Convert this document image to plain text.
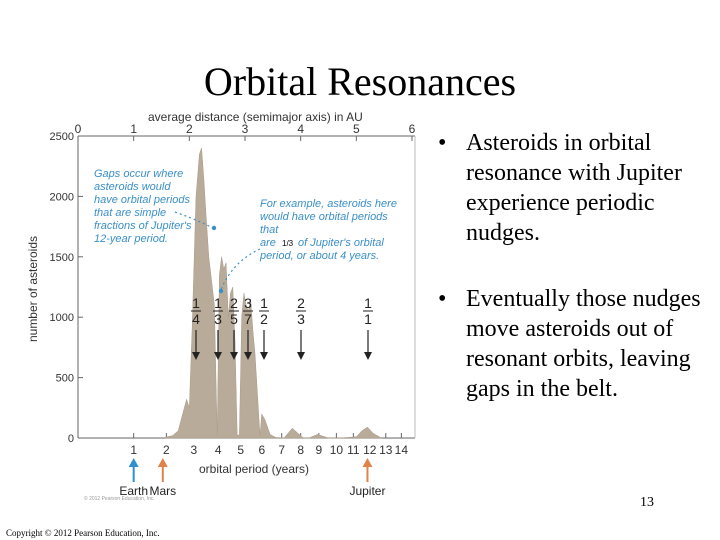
Orbital Resonances
average distance (semimajor axis) in AU
number of asteroids
orbital period (years)
© 2012 Pearson Education, Inc.
0	1	2	3	4	5	6
2500
2000
1500
1000
500
0
1 2 3 4 5 6 7 8 9 10 11 12 13 14
Gaps occur where
asteroids would
have orbital periods
that are simple
fractions of Jupiter's
12-year period.
For example, asteroids here
would have orbital periods
that
are 1/3 of Jupiter's orbital
period, or about 4 years.
1
4
1
3
2
5
3
7
1
2
2
3
1
1
Earth Mars	Jupiter
• Asteroids in orbital resonance with Jupiter experience periodic nudges.
• Eventually those nudges move asteroids out of resonant orbits, leaving gaps in the belt.
13
Copyright © 2012 Pearson Education, Inc.
